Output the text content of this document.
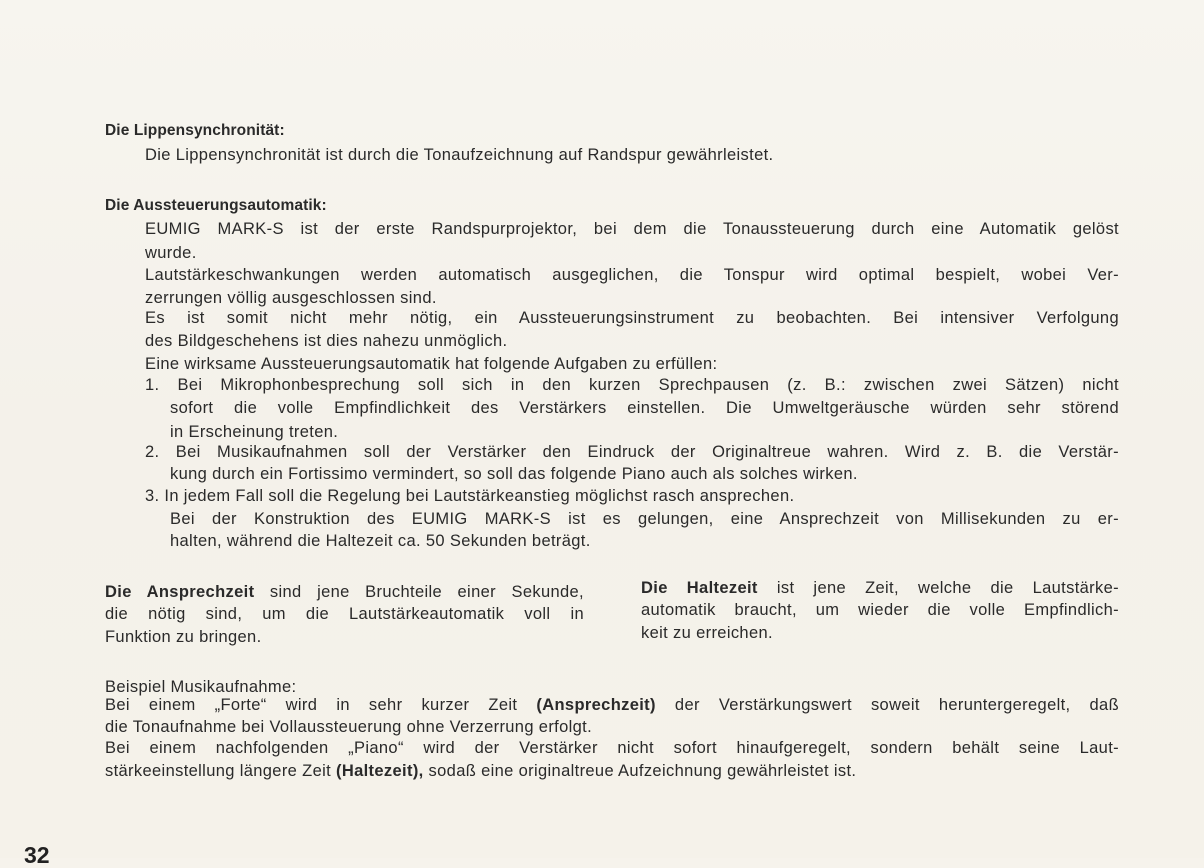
Die Lippensynchronität:
Die Lippensynchronität ist durch die Tonaufzeichnung auf Randspur gewährleistet.
Die Aussteuerungsautomatik:
EUMIG MARK-S ist der erste Randspurprojektor, bei dem die Tonaussteuerung durch eine Automatik gelöst
wurde.
Lautstärkeschwankungen werden automatisch ausgeglichen, die Tonspur wird optimal bespielt, wobei Ver-
zerrungen völlig ausgeschlossen sind.
Es ist somit nicht mehr nötig, ein Aussteuerungsinstrument zu beobachten. Bei intensiver Verfolgung
des Bildgeschehens ist dies nahezu unmöglich.
Eine wirksame Aussteuerungsautomatik hat folgende Aufgaben zu erfüllen:
1. Bei Mikrophonbesprechung soll sich in den kurzen Sprechpausen (z. B.: zwischen zwei Sätzen) nicht
sofort die volle Empfindlichkeit des Verstärkers einstellen. Die Umweltgeräusche würden sehr störend
in Erscheinung treten.
2. Bei Musikaufnahmen soll der Verstärker den Eindruck der Originaltreue wahren. Wird z. B. die Verstär-
kung durch ein Fortissimo vermindert, so soll das folgende Piano auch als solches wirken.
3. In jedem Fall soll die Regelung bei Lautstärkeanstieg möglichst rasch ansprechen.
Bei der Konstruktion des EUMIG MARK-S ist es gelungen, eine Ansprechzeit von Millisekunden zu er-
halten, während die Haltezeit ca. 50 Sekunden beträgt.
Die Ansprechzeit sind jene Bruchteile einer Sekunde,
die nötig sind, um die Lautstärkeautomatik voll in
Funktion zu bringen.
Die Haltezeit ist jene Zeit, welche die Lautstärke-
automatik braucht, um wieder die volle Empfindlich-
keit zu erreichen.
Beispiel Musikaufnahme:
Bei einem „Forte“ wird in sehr kurzer Zeit (Ansprechzeit) der Verstärkungswert soweit heruntergeregelt, daß
die Tonaufnahme bei Vollaussteuerung ohne Verzerrung erfolgt.
Bei einem nachfolgenden „Piano“ wird der Verstärker nicht sofort hinaufgeregelt, sondern behält seine Laut-
stärkeeinstellung längere Zeit (Haltezeit), sodaß eine originaltreue Aufzeichnung gewährleistet ist.
32
